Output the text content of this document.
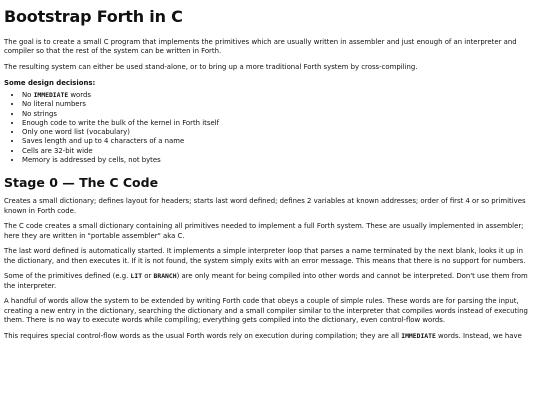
Bootstrap Forth in C

The goal is to create a small C program that implements the primitives which are usually written in assembler and just enough of an interpreter and compiler so that the rest of the system can be written in Forth.

The resulting system can either be used stand-alone, or to bring up a more traditional Forth system by cross-compiling.

Some design decisions:

• No IMMEDIATE words
• No literal numbers
• No strings
• Enough code to write the bulk of the kernel in Forth itself
• Only one word list (vocabulary)
• Saves length and up to 4 characters of a name
• Cells are 32-bit wide
• Memory is addressed by cells, not bytes
Stage 0 — The C Code

Creates a small dictionary; defines layout for headers; starts last word defined; defines 2 variables at known addresses; order of first 4 or so primitives known in Forth code.

The C code creates a small dictionary containing all primitives needed to implement a full Forth system. These are usually implemented in assembler; here they are written in "portable assembler" aka C.

The last word defined is automatically started. It implements a simple interpreter loop that parses a name terminated by the next blank, looks it up in the dictionary, and then executes it. If it is not found, the system simply exits with an error message. This means that there is no support for numbers.

Some of the primitives defined (e.g. LIT or BRANCH) are only meant for being compiled into other words and cannot be interpreted. Don't use them from the interpreter.

A handful of words allow the system to be extended by writing Forth code that obeys a couple of simple rules. These words are for parsing the input, creating a new entry in the dictionary, searching the dictionary and a small compiler similar to the interpreter that compiles words instead of executing them. There is no way to execute words while compiling; everything gets compiled into the dictionary, even control-flow words.

This requires special control-flow words as the usual Forth words rely on execution during compilation; they are all IMMEDIATE words. Instead, we have
